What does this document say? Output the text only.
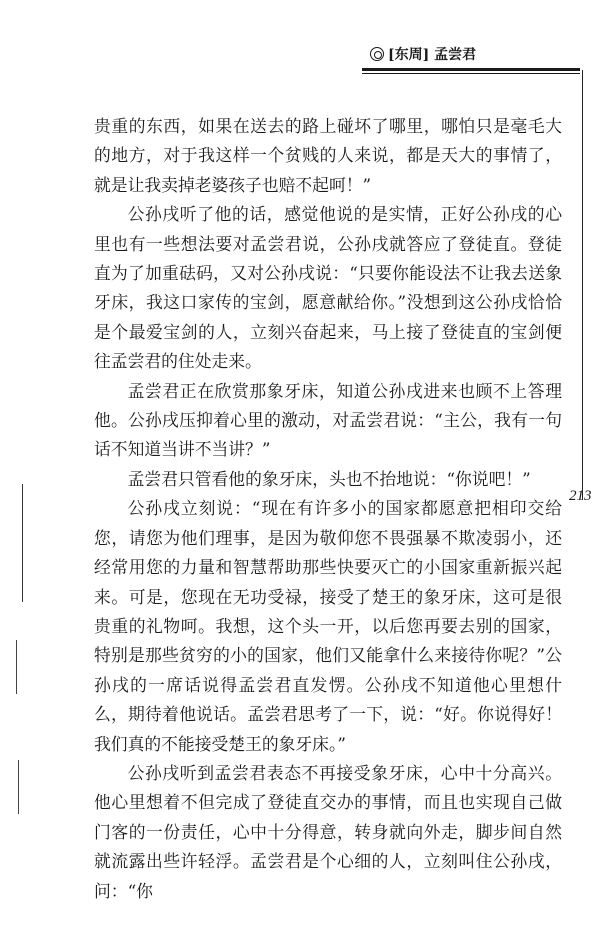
[东周] 孟尝君
213

贵重的东西，如果在送去的路上碰坏了哪里，哪怕只是毫毛大的地方，对于我这样一个贫贱的人来说，都是天大的事情了，就是让我卖掉老婆孩子也赔不起呵！”

公孙戌听了他的话，感觉他说的是实情，正好公孙戌的心里也有一些想法要对孟尝君说，公孙戌就答应了登徒直。登徒直为了加重砝码，又对公孙戌说：“只要你能设法不让我去送象牙床，我这口家传的宝剑，愿意献给你。”没想到这公孙戌恰恰是个最爱宝剑的人，立刻兴奋起来，马上接了登徒直的宝剑便往孟尝君的住处走来。

孟尝君正在欣赏那象牙床，知道公孙戌进来也顾不上答理他。公孙戌压抑着心里的激动，对孟尝君说：“主公，我有一句话不知道当讲不当讲？”

孟尝君只管看他的象牙床，头也不抬地说：“你说吧！”

公孙戌立刻说：“现在有许多小的国家都愿意把相印交给您，请您为他们理事，是因为敬仰您不畏强暴不欺凌弱小，还经常用您的力量和智慧帮助那些快要灭亡的小国家重新振兴起来。可是，您现在无功受禄，接受了楚王的象牙床，这可是很贵重的礼物呵。我想，这个头一开，以后您再要去别的国家，特别是那些贫穷的小的国家，他们又能拿什么来接待你呢？”公孙戌的一席话说得孟尝君直发愣。公孙戌不知道他心里想什么，期待着他说话。孟尝君思考了一下，说：“好。你说得好！我们真的不能接受楚王的象牙床。”

公孙戌听到孟尝君表态不再接受象牙床，心中十分高兴。他心里想着不但完成了登徒直交办的事情，而且也实现自己做门客的一份责任，心中十分得意，转身就向外走，脚步间自然就流露出些许轻浮。孟尝君是个心细的人，立刻叫住公孙戌，问：“你
